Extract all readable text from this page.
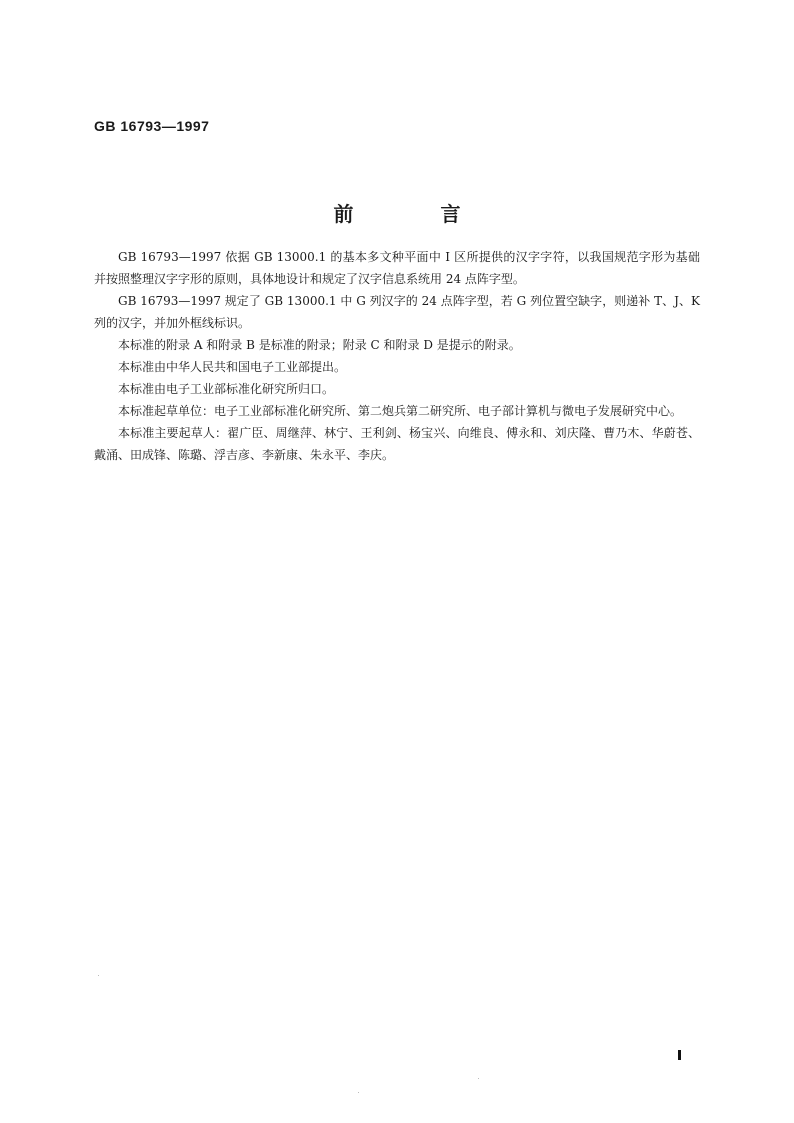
GB 16793—1997
前 言

GB 16793—1997 依据 GB 13000.1 的基本多文种平面中 I 区所提供的汉字字符，以我国规范字形为基础并按照整理汉字字形的原则，具体地设计和规定了汉字信息系统用 24 点阵字型。

GB 16793—1997 规定了 GB 13000.1 中 G 列汉字的 24 点阵字型，若 G 列位置空缺字，则递补 T、J、K 列的汉字，并加外框线标识。

本标准的附录 A 和附录 B 是标准的附录；附录 C 和附录 D 是提示的附录。

本标准由中华人民共和国电子工业部提出。

本标准由电子工业部标准化研究所归口。

本标准起草单位：电子工业部标准化研究所、第二炮兵第二研究所、电子部计算机与微电子发展研究中心。

本标准主要起草人：翟广臣、周继萍、林宁、王利剑、杨宝兴、向维良、傅永和、刘庆隆、曹乃木、华蔚苍、戴涌、田成锋、陈璐、浮吉彦、李新康、朱永平、李庆。
